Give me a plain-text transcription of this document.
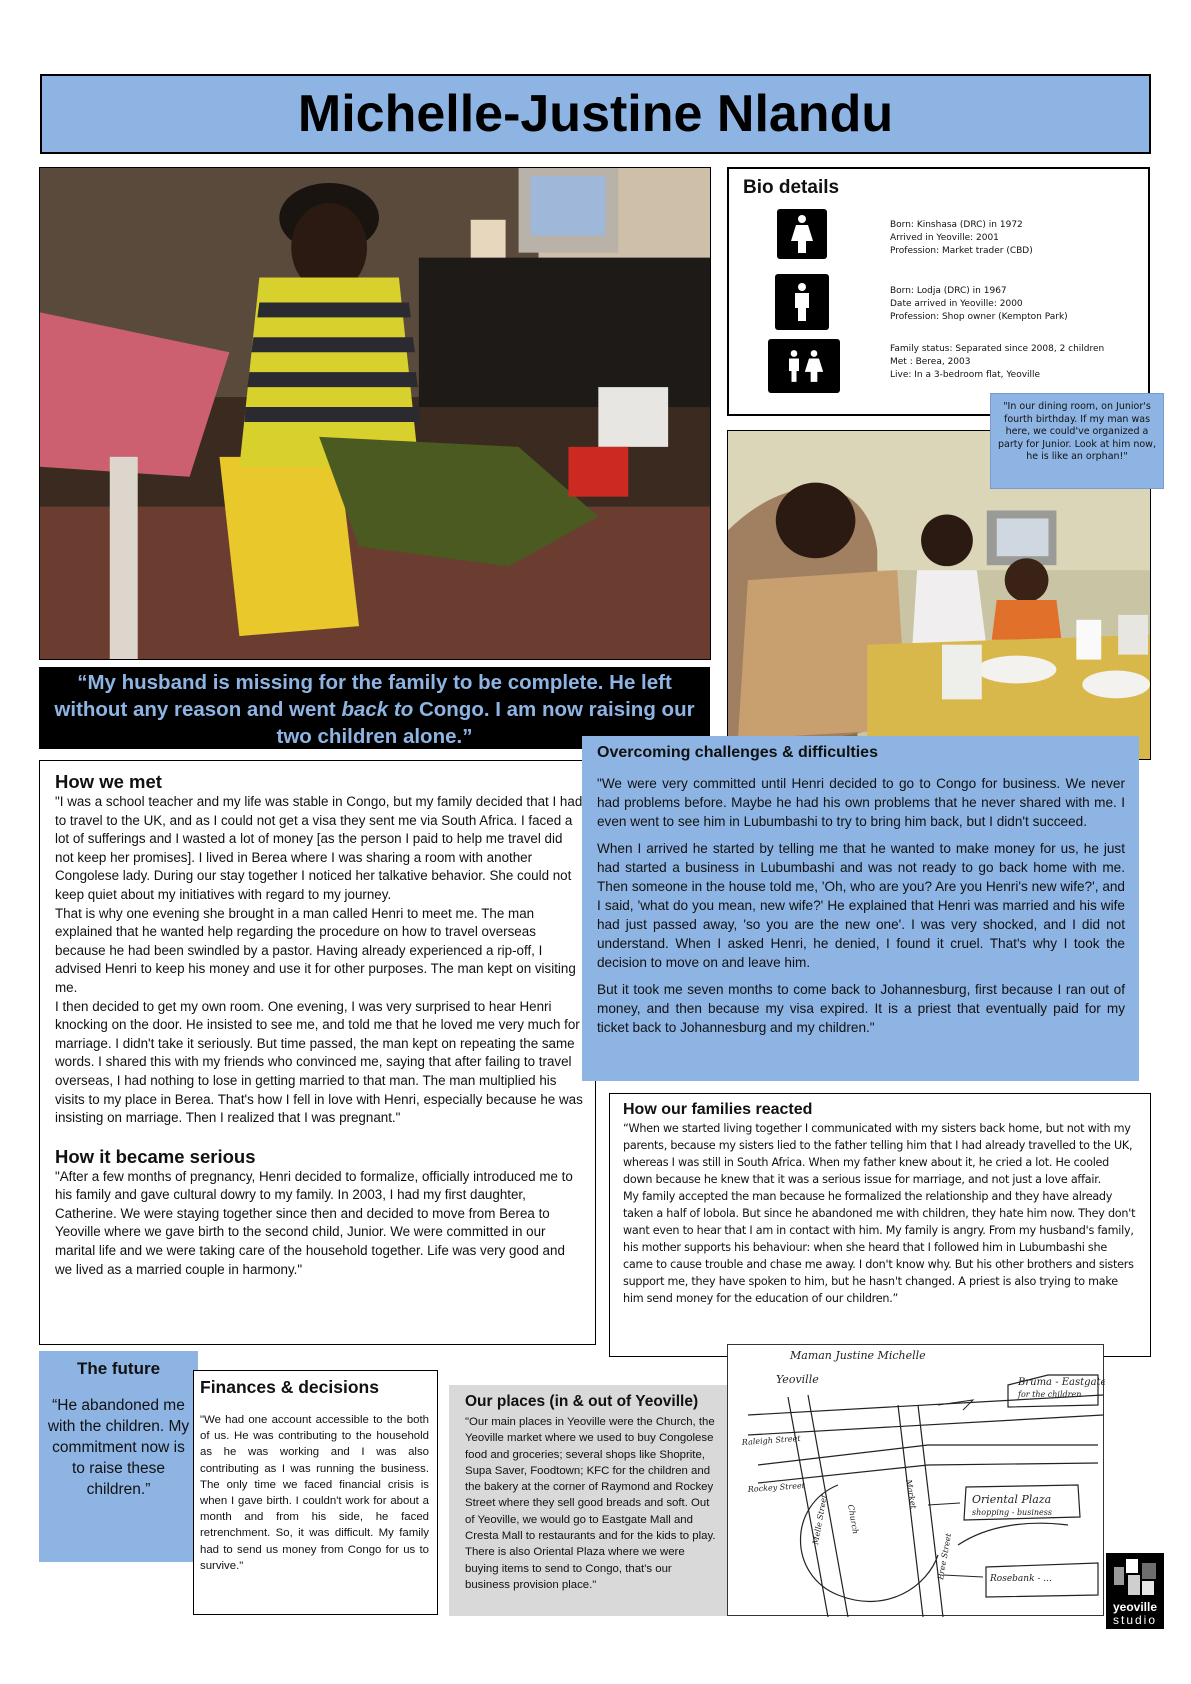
Michelle-Justine Nlandu
Bio details
Born: Kinshasa (DRC) in 1972
Arrived in Yeoville: 2001
Profession: Market trader (CBD)
Born: Lodja (DRC) in 1967
Date arrived in Yeoville: 2000
Profession: Shop owner (Kempton Park)
Family status: Separated since 2008, 2 children
Met : Berea, 2003
Live: In a 3-bedroom flat, Yeoville
"In our dining room, on Junior's fourth birthday. If my man was here, we could've organized a party for Junior. Look at him now, he is like an orphan!"
“My husband is missing for the family to be complete. He left without any reason and went back to Congo. I am now raising our two children alone.”
How we met

"I was a school teacher and my life was stable in Congo, but my family decided that I had to travel to the UK, and as I could not get a visa they sent me via South Africa. I faced a lot of sufferings and I wasted a lot of money [as the person I paid to help me travel did not keep her promises]. I lived in Berea where I was sharing a room with another Congolese lady. During our stay together I noticed her talkative behavior. She could not keep quiet about my initiatives with regard to my journey.

That is why one evening she brought in a man called Henri to meet me. The man explained that he wanted help regarding the procedure on how to travel overseas because he had been swindled by a pastor. Having already experienced a rip-off, I advised Henri to keep his money and use it for other purposes. The man kept on visiting me.

I then decided to get my own room. One evening, I was very surprised to hear Henri knocking on the door. He insisted to see me, and told me that he loved me very much for marriage. I didn't take it seriously. But time passed, the man kept on repeating the same words. I shared this with my friends who convinced me, saying that after failing to travel overseas, I had nothing to lose in getting married to that man. The man multiplied his visits to my place in Berea. That's how I fell in love with Henri, especially because he was insisting on marriage. Then I realized that I was pregnant."

How it became serious

"After a few months of pregnancy, Henri decided to formalize, officially introduced me to his family and gave cultural dowry to my family. In 2003, I had my first daughter, Catherine. We were staying together since then and decided to move from Berea to Yeoville where we gave birth to the second child, Junior. We were committed in our marital life and we were taking care of the household together. Life was very good and we lived as a married couple in harmony."

Overcoming challenges & difficulties

"We were very committed until Henri decided to go to Congo for business. We never had problems before. Maybe he had his own problems that he never shared with me. I even went to see him in Lubumbashi to try to bring him back, but I didn't succeed.

When I arrived he started by telling me that he wanted to make money for us, he just had started a business in Lubumbashi and was not ready to go back home with me. Then someone in the house told me, 'Oh, who are you? Are you Henri's new wife?', and I said, 'what do you mean, new wife?' He explained that Henri was married and his wife had just passed away, 'so you are the new one'. I was very shocked, and I did not understand. When I asked Henri, he denied, I found it cruel. That's why I took the decision to move on and leave him.

But it took me seven months to come back to Johannesburg, first because I ran out of money, and then because my visa expired. It is a priest that eventually paid for my ticket back to Johannesburg and my children."

How our families reacted

“When we started living together I communicated with my sisters back home, but not with my parents, because my sisters lied to the father telling him that I had already travelled to the UK, whereas I was still in South Africa. When my father knew about it, he cried a lot. He cooled down because he knew that it was a serious issue for marriage, and not just a love affair.

My family accepted the man because he formalized the relationship and they have already taken a half of lobola. But since he abandoned me with children, they hate him now. They don't want even to hear that I am in contact with him. My family is angry. From my husband's family, his mother supports his behaviour: when she heard that I followed him in Lubumbashi she came to cause trouble and chase me away. I don't know why. But his other brothers and sisters support me, they have spoken to him, but he hasn't changed. A priest is also trying to make him send money for the education of our children.”

The future

“He abandoned me with the children. My commitment now is to raise these children.”

Finances & decisions

"We had one account accessible to the both of us. He was contributing to the household as he was working and I was also contributing as I was running the business. The only time we faced financial crisis is when I gave birth. I couldn't work for about a month and from his side, he faced retrenchment. So, it was difficult. My family had to send us money from Congo for us to survive."

Our places (in & out of Yeoville)

"Our main places in Yeoville were the Church, the Yeoville market where we used to buy Congolese food and groceries; several shops like Shoprite, Supa Saver, Foodtown; KFC for the children and the bakery at the corner of Raymond and Rockey Street where they sell good breads and soft. Out of Yeoville, we would go to Eastgate Mall and Cresta Mall to restaurants and for the kids to play. There is also Oriental Plaza where we were buying items to send to Congo, that's our business provision place."

Maman Justine Michelle
Yeoville	Bruma - Eastgate
for the children
Oriental Plaza
shopping - business
Rosebank - ...
Raleigh Street
Rockey Street
Church
Market
Melle Street
Bree Street
yeoville
studio
